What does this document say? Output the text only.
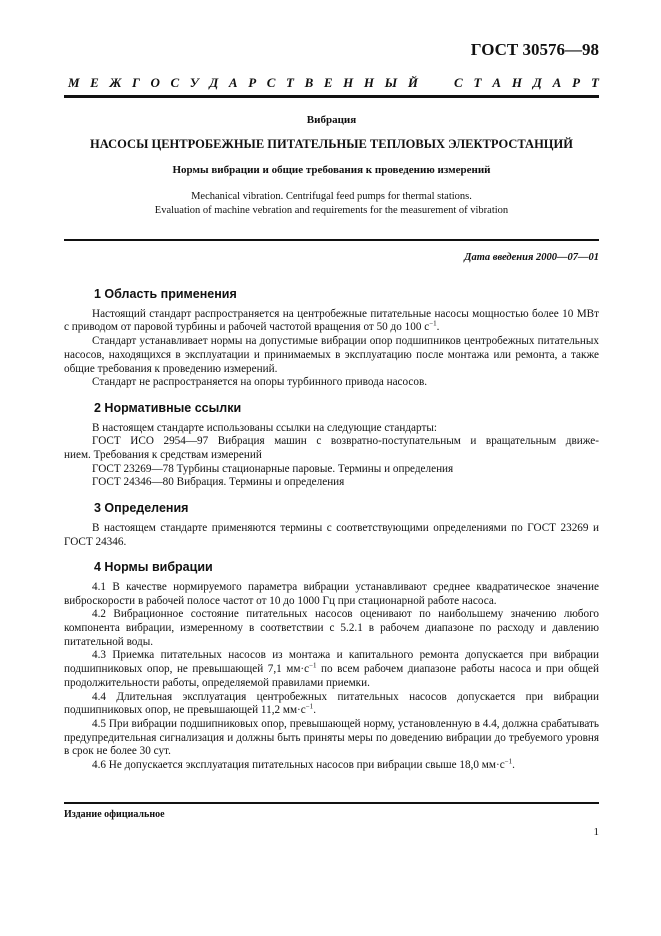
ГОСТ 30576—98
М Е Ж Г О С У Д А Р С Т В Е Н Н Ы Й	С Т А Н Д А Р Т
Вибрация
НАСОСЫ ЦЕНТРОБЕЖНЫЕ ПИТАТЕЛЬНЫЕ ТЕПЛОВЫХ ЭЛЕКТРОСТАНЦИЙ
Нормы вибрации и общие требования к проведению измерений
Mechanical vibration. Centrifugal feed pumps for thermal stations.
Evaluation of machine vebration and requirements for the measurement of vibration
Дата введения 2000—07—01
1 Область применения

Настоящий стандарт распространяется на центробежные питательные насосы мощностью более 10 МВт с приводом от паровой турбины и рабочей частотой вращения от 50 до 100 $с^{-1}$.

Стандарт устанавливает нормы на допустимые вибрации опор подшипников центробежных питательных насосов, находящихся в эксплуатации и принимаемых в эксплуатацию после монтажа или ремонта, а также общие требования к проведению измерений.

Стандарт не распространяется на опоры турбинного привода насосов.

2 Нормативные ссылки

В настоящем стандарте использованы ссылки на следующие стандарты:

ГОСТ ИСО 2954—97 Вибрация машин с возвратно-поступательным и вращательным движе-

нием. Требования к средствам измерений

ГОСТ 23269—78 Турбины стационарные паровые. Термины и определения

ГОСТ 24346—80 Вибрация. Термины и определения

3 Определения

В настоящем стандарте применяются термины с соответствующими определениями по ГОСТ 23269 и ГОСТ 24346.

4 Нормы вибрации

4.1 В качестве нормируемого параметра вибрации устанавливают среднее квадратическое значение виброскорости в рабочей полосе частот от 10 до 1000 Гц при стационарной работе насоса.

4.2 Вибрационное состояние питательных насосов оценивают по наибольшему значению любого компонента вибрации, измеренному в соответствии с 5.2.1 в рабочем диапазоне по расходу и давлению питательной воды.

4.3 Приемка питательных насосов из монтажа и капитального ремонта допускается при вибрации подшипниковых опор, не превышающей 7,1 $мм\cdot с^{-1}$ по всем рабочем диапазоне работы насоса и при общей продолжительности работы, определяемой правилами приемки.

4.4 Длительная эксплуатация центробежных питательных насосов допускается при вибрации подшипниковых опор, не превышающей 11,2 $мм\cdot с^{-1}$.

4.5 При вибрации подшипниковых опор, превышающей норму, установленную в 4.4, должна срабатывать предупредительная сигнализация и должны быть приняты меры по доведению вибрации до требуемого уровня в срок не более 30 сут.

4.6 Не допускается эксплуатация питательных насосов при вибрации свыше 18,0 $мм\cdot с^{-1}$.

Издание официальное
1
